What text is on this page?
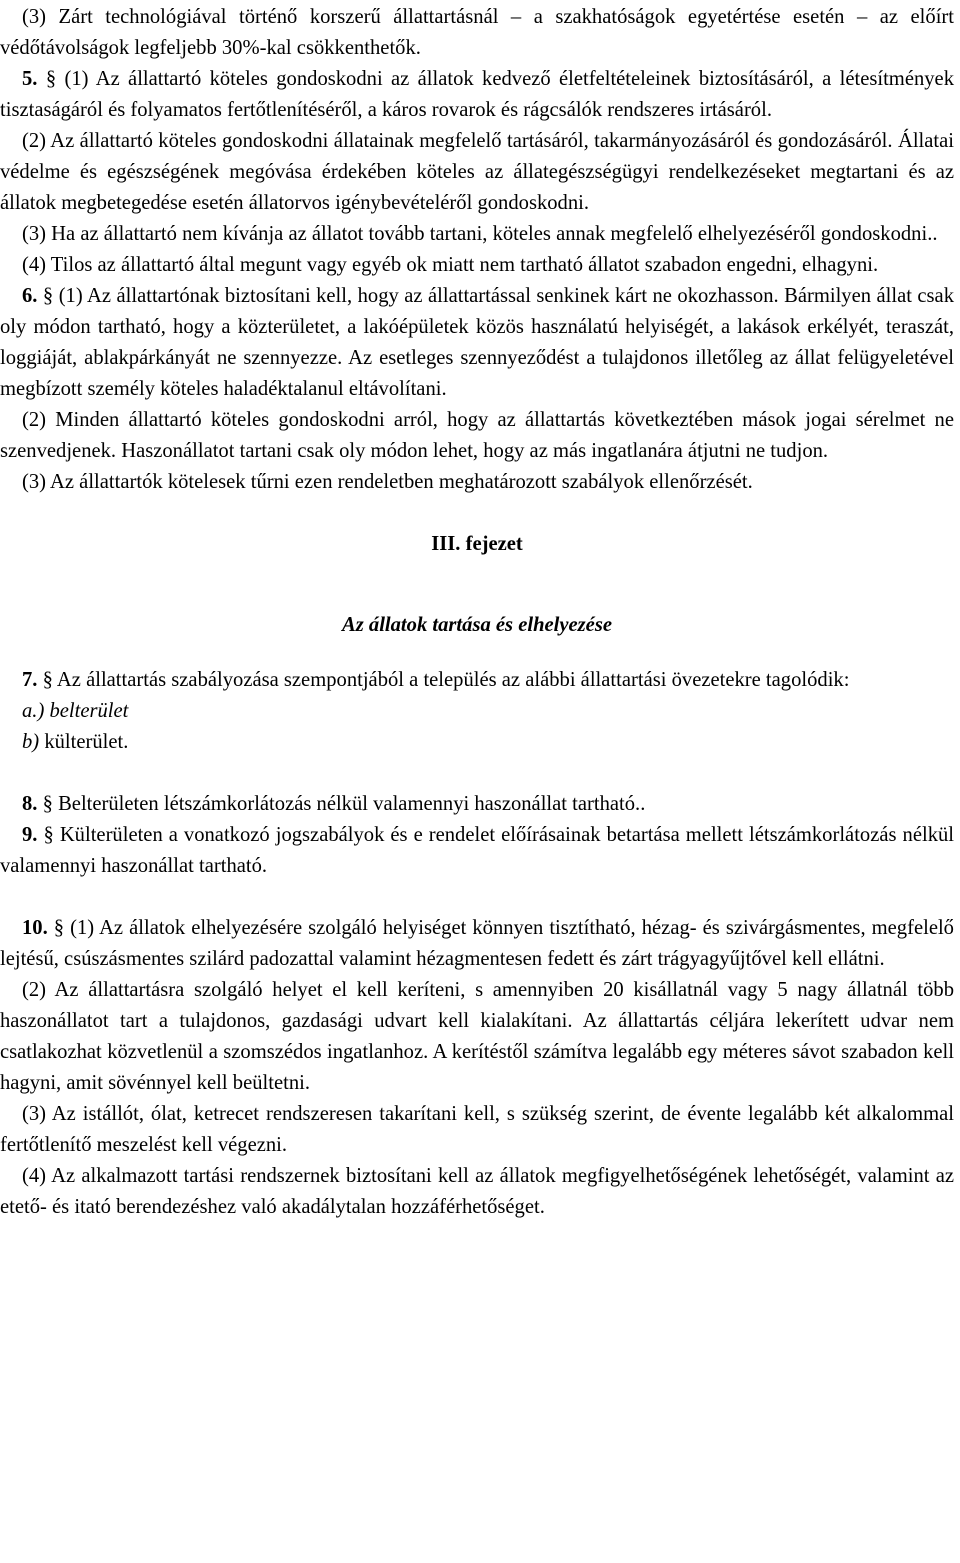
(3) Zárt technológiával történő korszerű állattartásnál – a szakhatóságok egyetértése esetén – az előírt védőtávolságok legfeljebb 30%-kal csökkenthetők.

5. § (1) Az állattartó köteles gondoskodni az állatok kedvező életfeltételeinek biztosításáról, a létesítmények tisztaságáról és folyamatos fertőtlenítéséről, a káros rovarok és rágcsálók rendszeres irtásáról.

(2) Az állattartó köteles gondoskodni állatainak megfelelő tartásáról, takarmányozásáról és gondozásáról. Állatai védelme és egészségének megóvása érdekében köteles az állategészségügyi rendelkezéseket megtartani és az állatok megbetegedése esetén állatorvos igénybevételéről gondoskodni.

(3) Ha az állattartó nem kívánja az állatot tovább tartani, köteles annak megfelelő elhelyezéséről gondoskodni..

(4) Tilos az állattartó által megunt vagy egyéb ok miatt nem tartható állatot szabadon engedni, elhagyni.

6. § (1) Az állattartónak biztosítani kell, hogy az állattartással senkinek kárt ne okozhasson. Bármilyen állat csak oly módon tartható, hogy a közterületet, a lakóépületek közös használatú helyiségét, a lakások erkélyét, teraszát, loggiáját, ablakpárkányát ne szennyezze. Az esetleges szennyeződést a tulajdonos illetőleg az állat felügyeletével megbízott személy köteles haladéktalanul eltávolítani.

(2) Minden állattartó köteles gondoskodni arról, hogy az állattartás következtében mások jogai sérelmet ne szenvedjenek. Haszonállatot tartani csak oly módon lehet, hogy az más ingatlanára átjutni ne tudjon.

(3) Az állattartók kötelesek tűrni ezen rendeletben meghatározott szabályok ellenőrzését.

III. fejezet

Az állatok tartása és elhelyezése

7. § Az állattartás szabályozása szempontjából a település az alábbi állattartási övezetekre tagolódik:

a.) belterület

b) külterület.

8. § Belterületen létszámkorlátozás nélkül valamennyi haszonállat tartható..

9. § Külterületen a vonatkozó jogszabályok és e rendelet előírásainak betartása mellett létszámkorlátozás nélkül valamennyi haszonállat tartható.

10. § (1) Az állatok elhelyezésére szolgáló helyiséget könnyen tisztítható, hézag- és szivárgásmentes, megfelelő lejtésű, csúszásmentes szilárd padozattal valamint hézagmentesen fedett és zárt trágyagyűjtővel kell ellátni.

(2) Az állattartásra szolgáló helyet el kell keríteni, s amennyiben 20 kisállatnál vagy 5 nagy állatnál több haszonállatot tart a tulajdonos, gazdasági udvart kell kialakítani. Az állattartás céljára lekerített udvar nem csatlakozhat közvetlenül a szomszédos ingatlanhoz. A kerítéstől számítva legalább egy méteres sávot szabadon kell hagyni, amit sövénnyel kell beültetni.

(3) Az istállót, ólat, ketrecet rendszeresen takarítani kell, s szükség szerint, de évente legalább két alkalommal fertőtlenítő meszelést kell végezni.

(4) Az alkalmazott tartási rendszernek biztosítani kell az állatok megfigyelhetőségének lehetőségét, valamint az etető- és itató berendezéshez való akadálytalan hozzáférhetőséget.
